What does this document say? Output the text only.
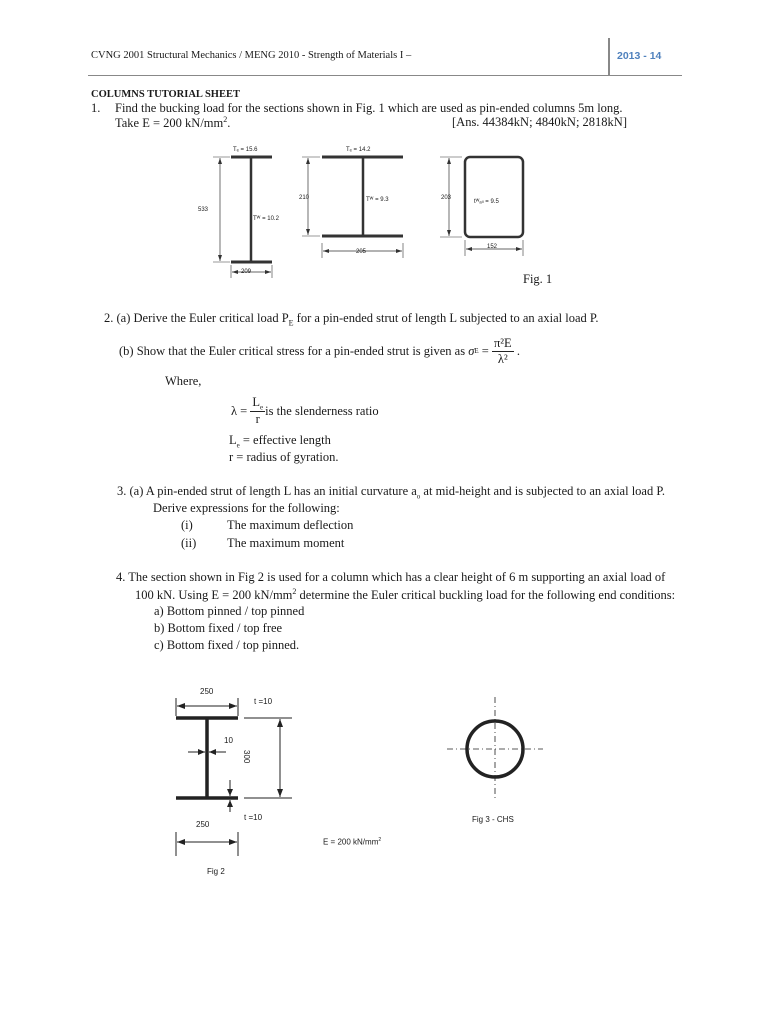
CVNG 2001 Structural Mechanics / MENG 2010 - Strength of Materials I –	2013 - 14
COLUMNS TUTORIAL SHEET
1. Find the bucking load for the sections shown in Fig. 1 which are used as pin-ended columns 5m long.
Take E = 200 $kN/mm^2$.	[Ans. 44384kN; 4840kN; 2818kN]
Tₑ = 15.6
Tᵂ = 10.2
533
209
Tₑ = 14.2
Tᵂ = 9.3
210
205
tᵂₐₗₗ = 9.5
203
152
Fig. 1
2. (a) Derive the Euler critical load $P_E$ for a pin-ended strut of length L subjected to an axial load P.
(b) Show that the Euler critical stress for a pin-ended strut is given as
σ E
=
$\frac{\text{π²E}}{\text{λ²}}$
.
Where,
λ =
$\frac{L_e}{r}$ is the slenderness ratio
$L_e$ = effective length
r = radius of gyration.
3. (a) A pin-ended strut of length L has an initial curvature $a_o$ at mid-height and is subjected to an axial load P.
Derive expressions for the following:
(i)	The maximum deflection
(ii) The maximum moment
4. The section shown in Fig 2 is used for a column which has a clear height of 6 m supporting an axial load of
100 kN. Using E = 200 $kN/mm^2$ determine the Euler critical buckling load for the following end conditions:
a) Bottom pinned / top pinned
b) Bottom fixed / top free
c) Bottom fixed / top pinned.
250
t =10
10
300
t =10
250
E = 200 $kN/mm^2$
Fig 2
Fig 3 - CHS
